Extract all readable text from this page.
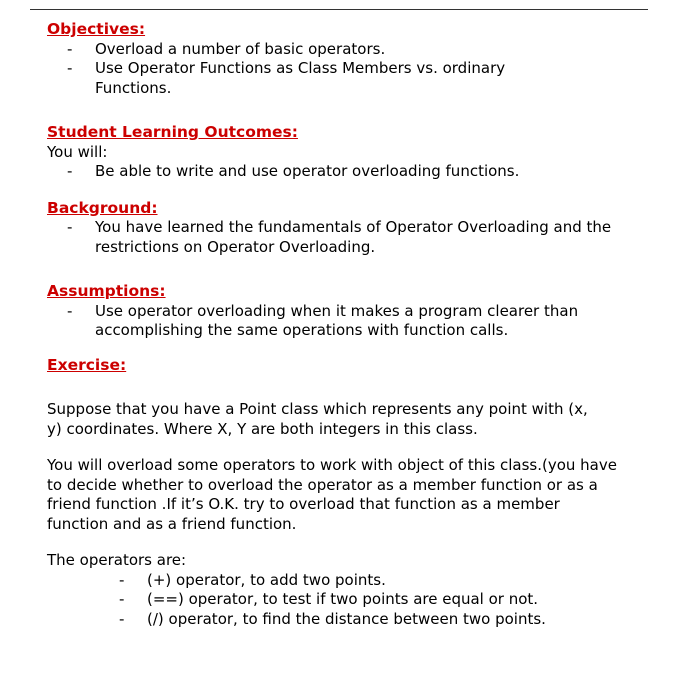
Objectives:
- Overload a number of basic operators.
- Use Operator Functions as Class Members vs. ordinary Functions.
Student Learning Outcomes:

You will:

- Be able to write and use operator overloading functions.
Background:
- You have learned the fundamentals of Operator Overloading and the restrictions on Operator Overloading.
Assumptions:
- Use operator overloading when it makes a program clearer than accomplishing the same operations with function calls.
Exercise:

Suppose that you have a Point class which represents any point with (x, y) coordinates. Where X, Y are both integers in this class.

You will overload some operators to work with object of this class.(you have to decide whether to overload the operator as a member function or as a friend function .If it’s O.K. try to overload that function as a member function and as a friend function.

The operators are:

- (+) operator, to add two points.
- (==) operator, to test if two points are equal or not.
- (/) operator, to find the distance between two points.
